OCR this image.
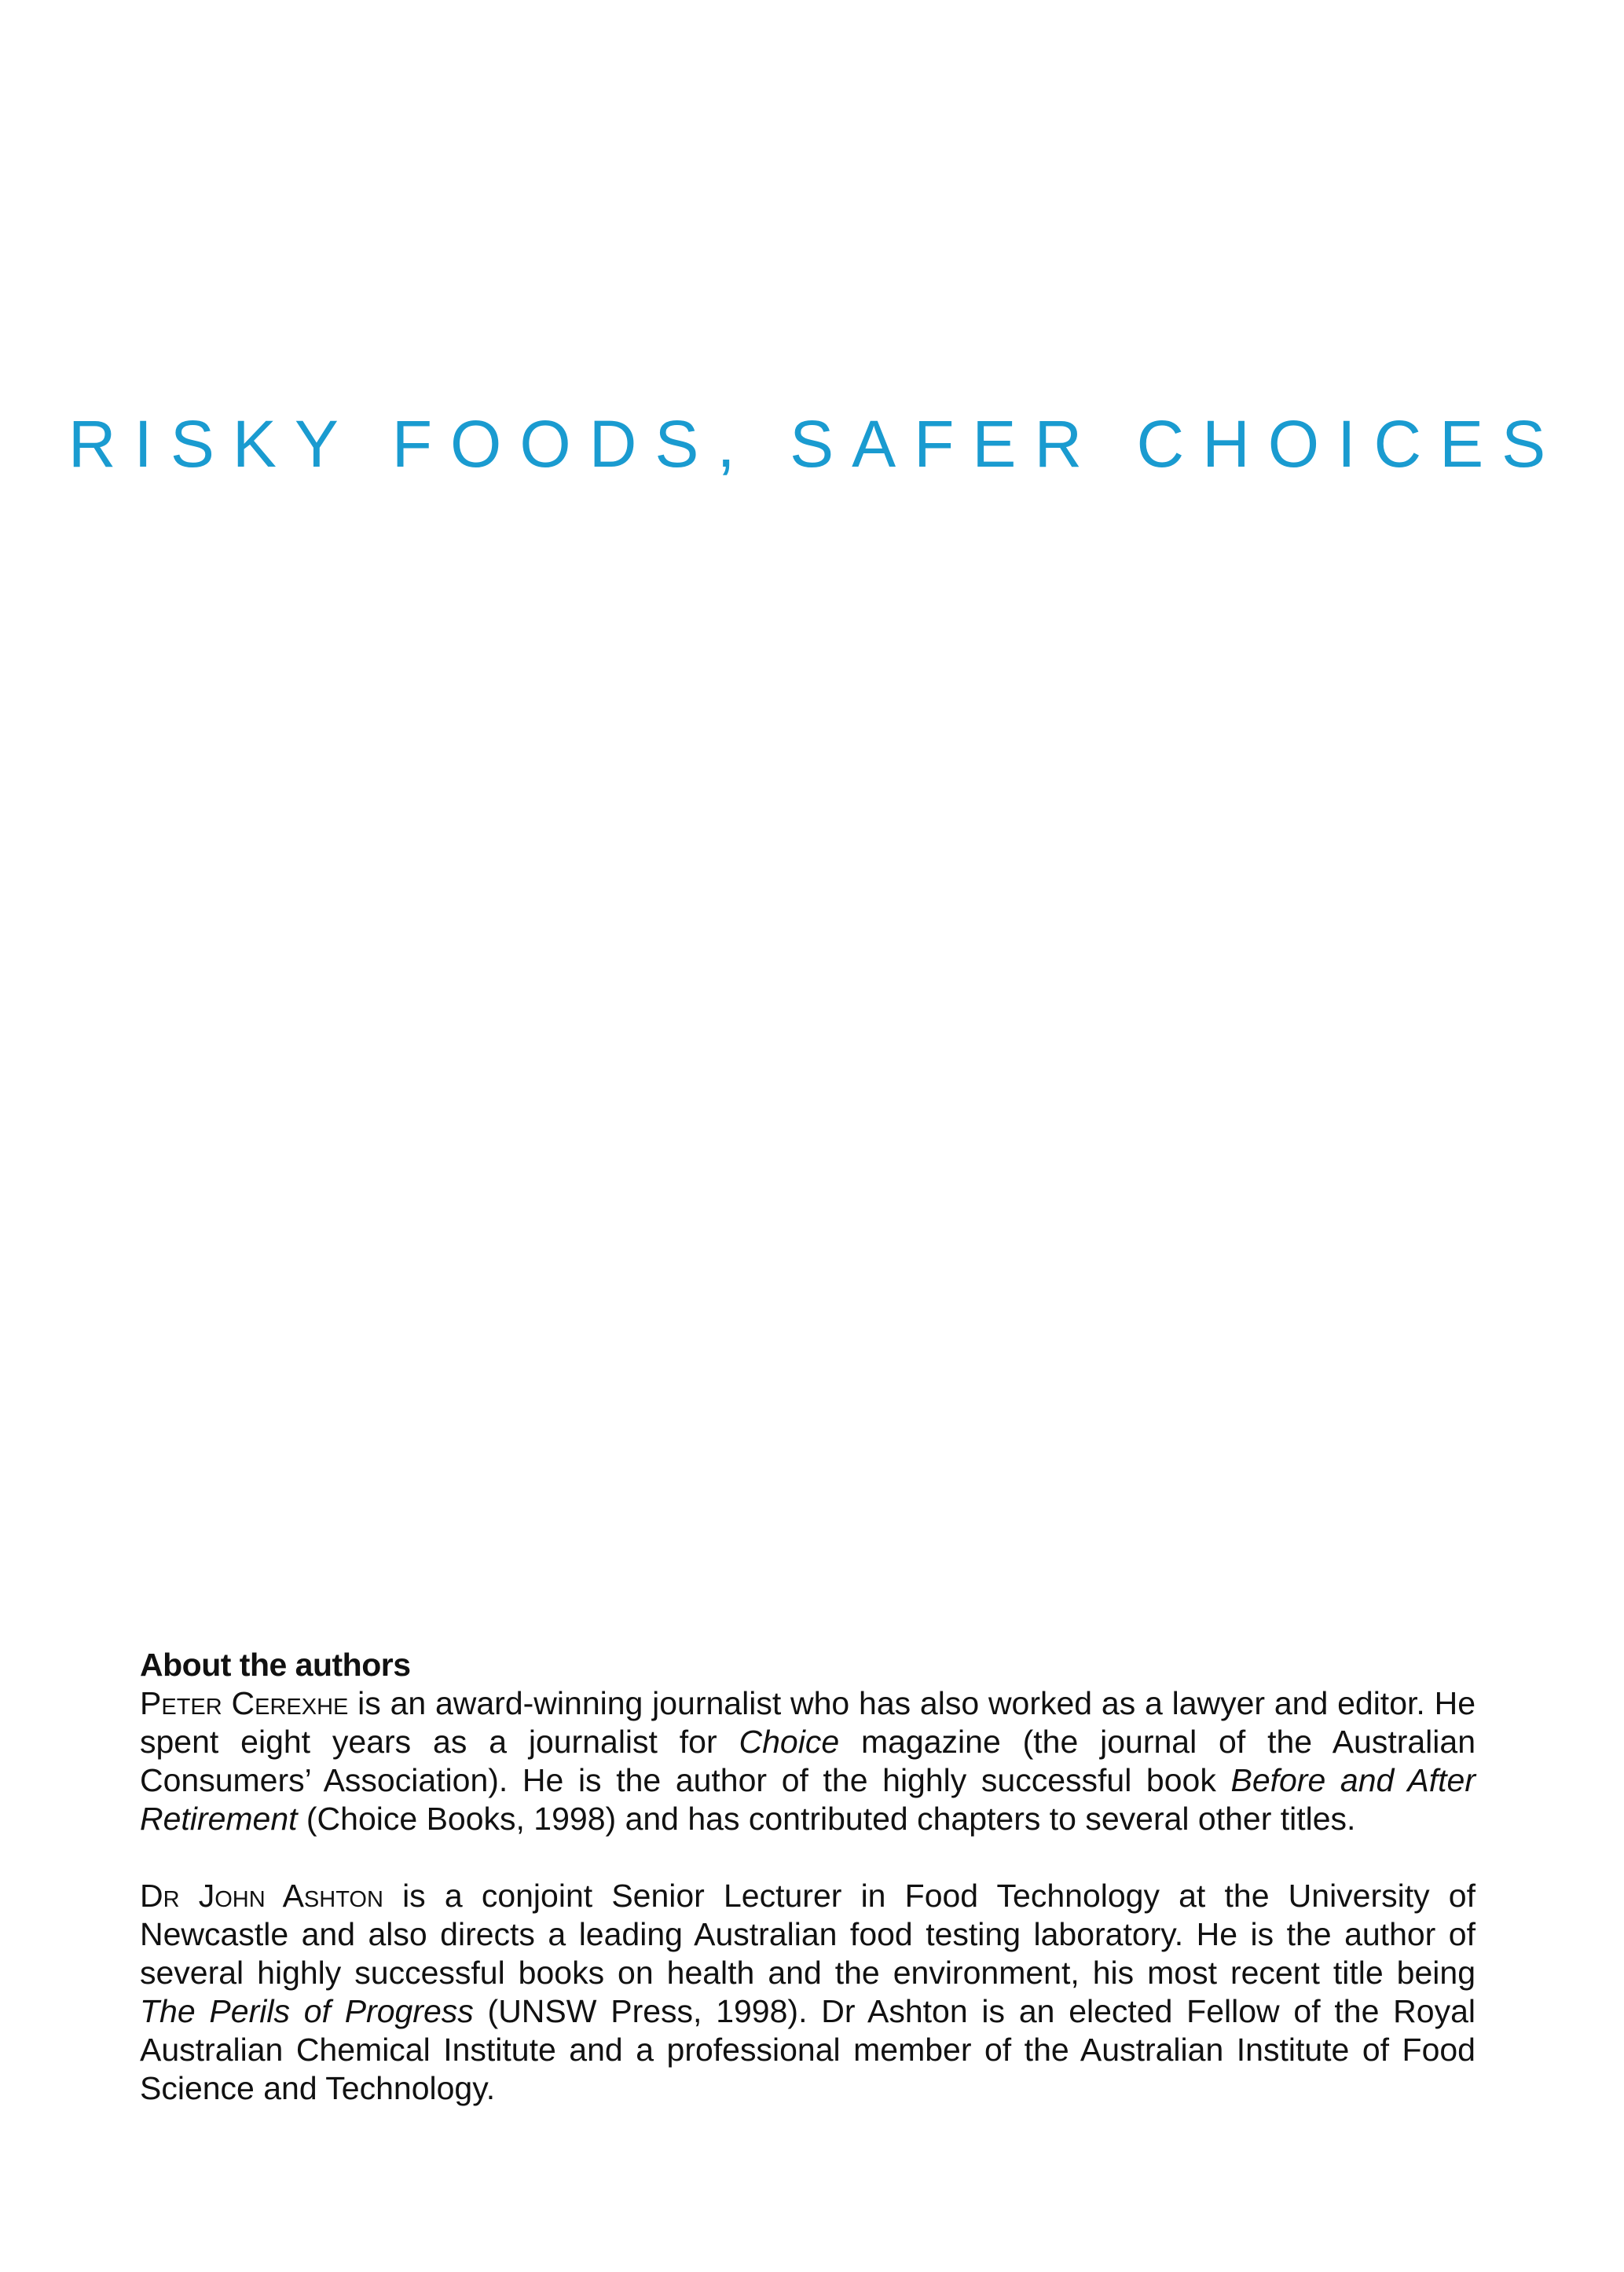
RISKY FOODS, SAFER CHOICES
About the authors

Peter Cerexhe is an award-winning journalist who has also worked as a lawyer and editor. He spent eight years as a journalist for Choice magazine (the journal of the Australian Consumers’ Association). He is the author of the highly successful book Before and After Retirement (Choice Books, 1998) and has contributed chapters to several other titles.

Dr John Ashton is a conjoint Senior Lecturer in Food Technology at the University of Newcastle and also directs a leading Australian food testing laboratory. He is the author of several highly successful books on health and the environment, his most recent title being The Perils of Progress (UNSW Press, 1998). Dr Ashton is an elected Fellow of the Royal Australian Chemical Institute and a professional member of the Australian Institute of Food Science and Technology.
